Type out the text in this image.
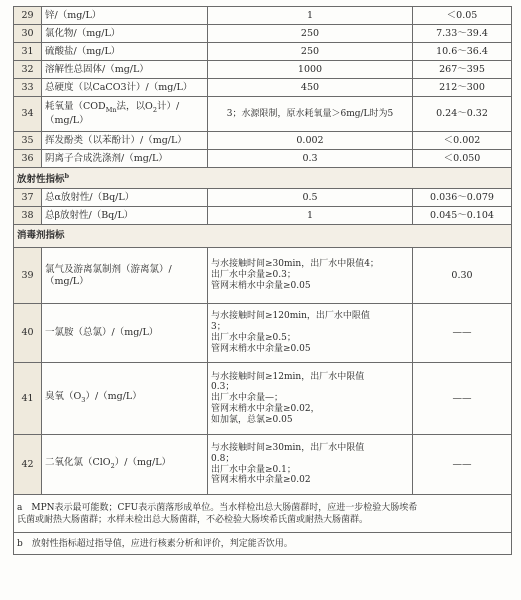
29	锌/（mg/L）	1	＜0.05
30	氯化物/（mg/L）	250	7.33～39.4
31	硫酸盐/（mg/L）	250	10.6～36.4
32	溶解性总固体/（mg/L）	1000	267～395
33	总硬度（以CaCO3计）/（mg/L）	450	212～300
34	耗氧量（$COD_{Mn}$法，以$O_2$计）/
（mg/L）	3；水源限制，原水耗氧量＞6mg/L时为5	0.24～0.32
35	挥发酚类（以苯酚计）/（mg/L）	0.002	＜0.002
36	阴离子合成洗涤剂/（mg/L）	0.3	＜0.050
放射性指标$^b$
37	总α放射性/（Bq/L）	0.5	0.036～0.079
38	总β放射性/（Bq/L）	1	0.045～0.104
消毒剂指标			
39	氯气及游离氯制剂（游离氯）/
（mg/L）	与水接触时间≥30min，出厂水中限值4；
出厂水中余量≥0.3；
管网末梢水中余量≥0.05	0.30
40	一氯胺（总氯）/（mg/L）	与水接触时间≥120min，出厂水中限值
3；
出厂水中余量≥0.5；
管网末梢水中余量≥0.05	——
41	臭氧$(O_3)/(mg/L)$	与水接触时间≥12min，出厂水中限值
0.3；
出厂水中余量—；
管网末梢水中余量≥0.02，
如加氯，总氯≥0.05	——
42	二氧化氯（ClO$_2$）/（mg/L）	与水接触时间≥30min，出厂水中限值
0.8；
出厂水中余量≥0.1；
管网末梢水中余量≥0.02	——

a　MPN表示最可能数；CFU表示菌落形成单位。当水样检出总大肠菌群时，应进一步检验大肠埃希
氏菌或耐热大肠菌群；水样未检出总大肠菌群，不必检验大肠埃希氏菌或耐热大肠菌群。			

b　放射性指标超过指导值，应进行核素分析和评价，判定能否饮用。			
